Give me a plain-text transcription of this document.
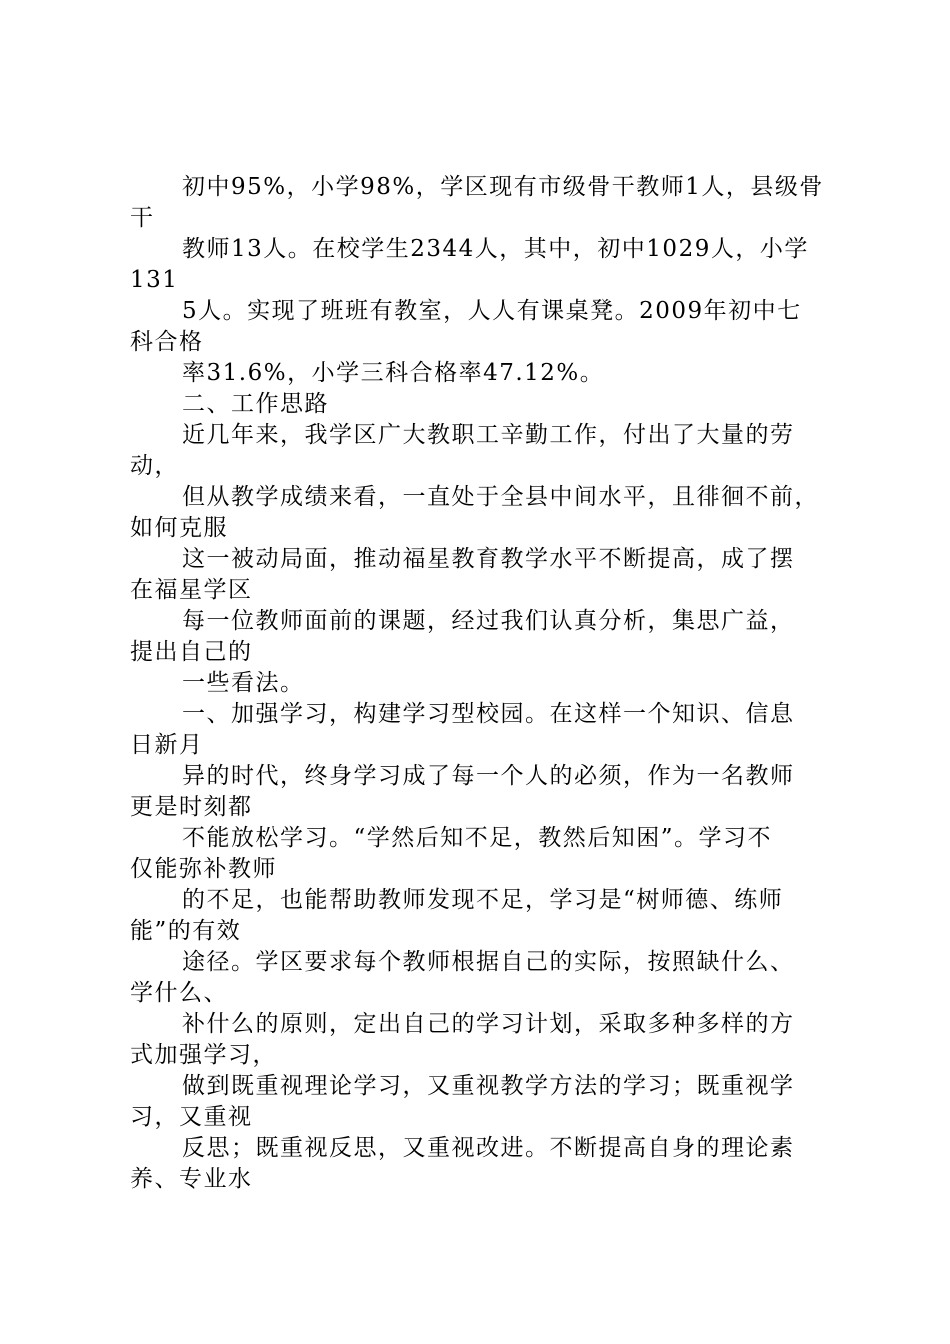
初中95%，小学98%，学区现有市级骨干教师1人，县级骨
干
教师13人。在校学生2344人，其中，初中1029人，小学
131
5人。实现了班班有教室，人人有课桌凳。2009年初中七
科合格
率31.6%，小学三科合格率47.12%。
二、工作思路
近几年来，我学区广大教职工辛勤工作，付出了大量的劳
动，
但从教学成绩来看，一直处于全县中间水平，且徘徊不前，
如何克服
这一被动局面，推动福星教育教学水平不断提高，成了摆
在福星学区
每一位教师面前的课题，经过我们认真分析，集思广益，
提出自己的
一些看法。
一、加强学习，构建学习型校园。在这样一个知识、信息
日新月
异的时代，终身学习成了每一个人的必须，作为一名教师
更是时刻都
不能放松学习。“学然后知不足，教然后知困”。学习不
仅能弥补教师
的不足，也能帮助教师发现不足，学习是“树师德、练师
能”的有效
途径。学区要求每个教师根据自己的实际，按照缺什么、
学什么、
补什么的原则，定出自己的学习计划，采取多种多样的方
式加强学习，
做到既重视理论学习，又重视教学方法的学习；既重视学
习，又重视
反思；既重视反思，又重视改进。不断提高自身的理论素
养、专业水
